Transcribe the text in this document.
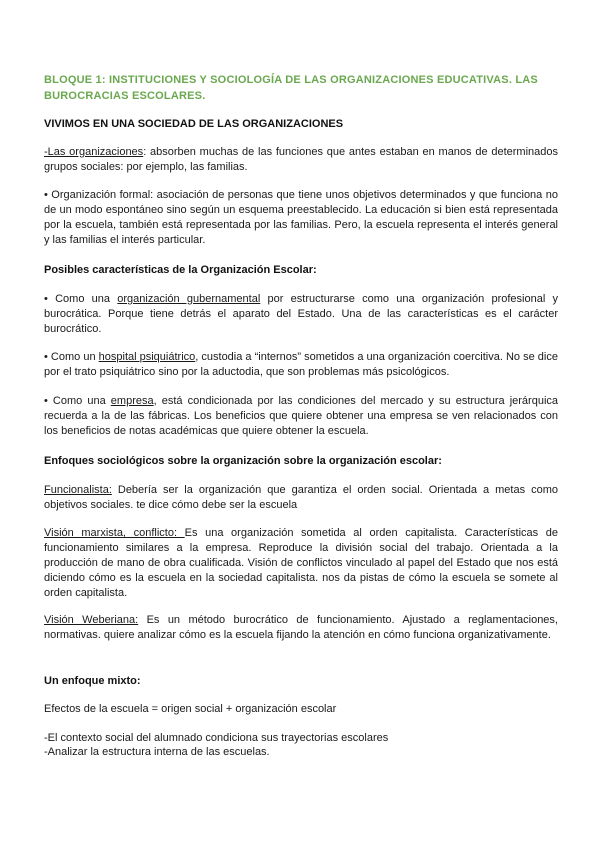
BLOQUE 1: INSTITUCIONES Y SOCIOLOGÍA DE LAS ORGANIZACIONES EDUCATIVAS. LAS BUROCRACIAS ESCOLARES.
VIVIMOS EN UNA SOCIEDAD DE LAS ORGANIZACIONES
-Las organizaciones: absorben muchas de las funciones que antes estaban en manos de determinados grupos sociales: por ejemplo, las familias.
• Organización formal: asociación de personas que tiene unos objetivos determinados y que funciona no de un modo espontáneo sino según un esquema preestablecido. La educación si bien está representada por la escuela, también está representada por las familias. Pero, la escuela representa el interés general y las familias el interés particular.
Posibles características de la Organización Escolar:
• Como una organización gubernamental por estructurarse como una organización profesional y burocrática. Porque tiene detrás el aparato del Estado. Una de las características es el carácter burocrático.
• Como un hospital psiquiátrico, custodia a “internos” sometidos a una organización coercitiva. No se dice por el trato psiquiátrico sino por la aductodia, que son problemas más psicológicos.
• Como una empresa, está condicionada por las condiciones del mercado y su estructura jerárquica recuerda a la de las fábricas. Los beneficios que quiere obtener una empresa se ven relacionados con los beneficios de notas académicas que quiere obtener la escuela.
Enfoques sociológicos sobre la organización sobre la organización escolar:
Funcionalista: Debería ser la organización que garantiza el orden social. Orientada a metas como objetivos sociales. te dice cómo debe ser la escuela
Visión marxista, conflicto: Es una organización sometida al orden capitalista. Características de funcionamiento similares a la empresa. Reproduce la división social del trabajo. Orientada a la producción de mano de obra cualificada. Visión de conflictos vinculado al papel del Estado que nos está diciendo cómo es la escuela en la sociedad capitalista. nos da pistas de cómo la escuela se somete al orden capitalista.
Visión Weberiana: Es un método burocrático de funcionamiento. Ajustado a reglamentaciones, normativas. quiere analizar cómo es la escuela fijando la atención en cómo funciona organizativamente.
Un enfoque mixto:
Efectos de la escuela = origen social + organización escolar
-El contexto social del alumnado condiciona sus trayectorias escolares
-Analizar la estructura interna de las escuelas.
